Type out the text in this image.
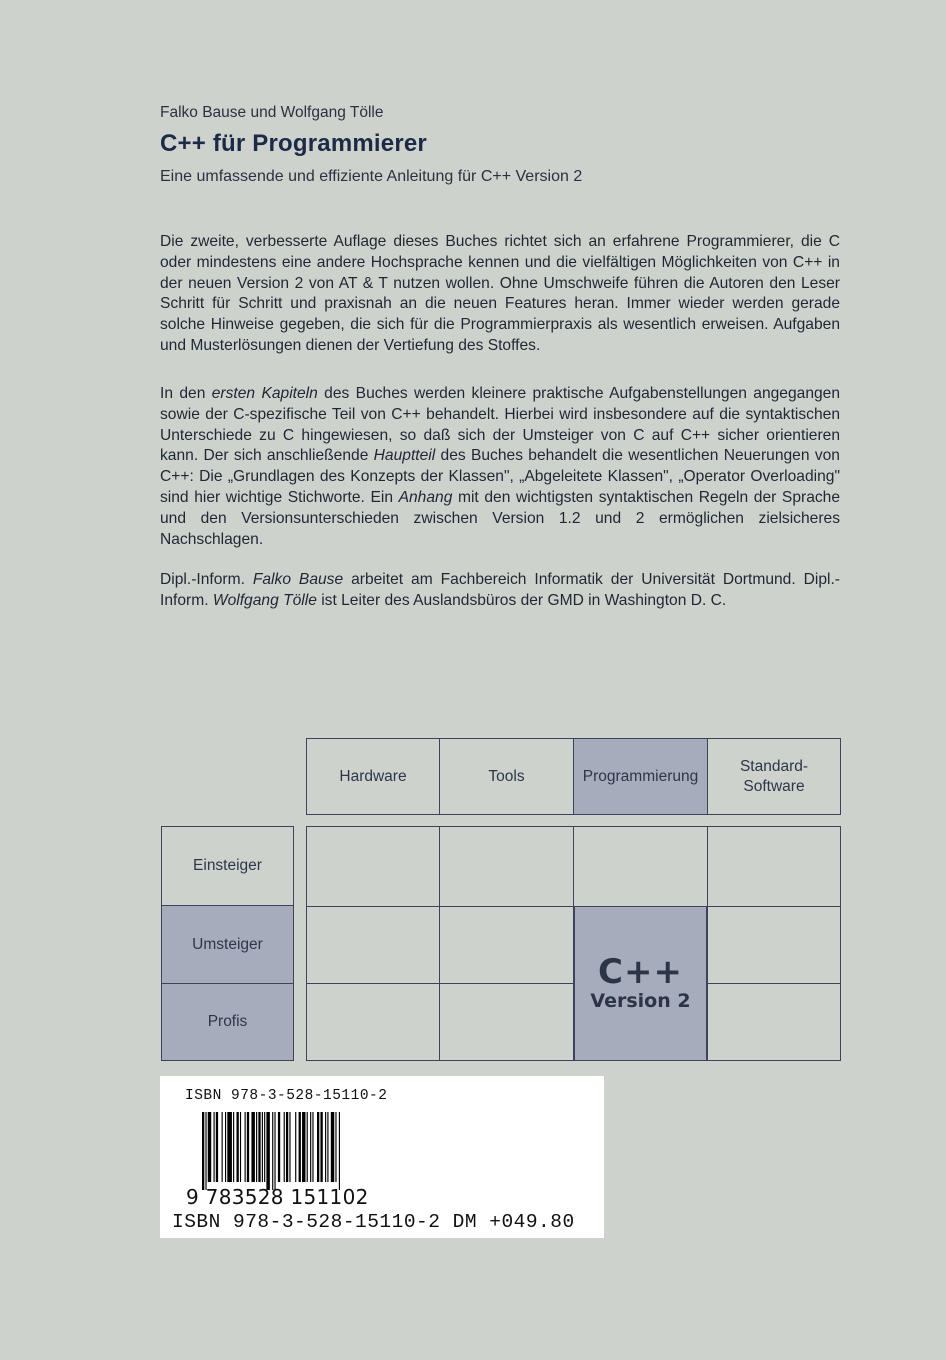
Falko Bause und Wolfgang Tölle
C++ für Programmierer
Eine umfassende und effiziente Anleitung für C++ Version 2

Die zweite, verbesserte Auflage dieses Buches richtet sich an erfahrene Programmierer, die C oder mindestens eine andere Hochsprache kennen und die vielfältigen Möglichkeiten von C++ in der neuen Version 2 von AT & T nutzen wollen. Ohne Umschweife führen die Autoren den Leser Schritt für Schritt und praxisnah an die neuen Features heran. Immer wieder werden gerade solche Hinweise gegeben, die sich für die Programmierpraxis als wesentlich erweisen. Aufgaben und Musterlösungen dienen der Vertiefung des Stoffes.

In den ersten Kapiteln des Buches werden kleinere praktische Aufgabenstellungen angegangen sowie der C-spezifische Teil von C++ behandelt. Hierbei wird insbesondere auf die syntaktischen Unterschiede zu C hingewiesen, so daß sich der Umsteiger von C auf C++ sicher orientieren kann. Der sich anschließende Hauptteil des Buches behandelt die wesentlichen Neuerungen von C++: Die „Grundlagen des Konzepts der Klassen", „Abgeleitete Klassen", „Operator Overloading" sind hier wichtige Stichworte. Ein Anhang mit den wichtigsten syntaktischen Regeln der Sprache und den Versionsunterschieden zwischen Version 1.2 und 2 ermöglichen zielsicheres Nachschlagen.

Dipl.-Inform. Falko Bause arbeitet am Fachbereich Informatik der Universität Dortmund. Dipl.-Inform. Wolfgang Tölle ist Leiter des Auslandsbüros der GMD in Washington D. C.

Hardware	Tools	Programmierung
Standard-
Software
Einsteiger
Umsteiger
Profis
C++
Version 2
ISBN 978-3-528-15110-2
9 783528 151102
ISBN 978-3-528-15110-2 DM +049.80
